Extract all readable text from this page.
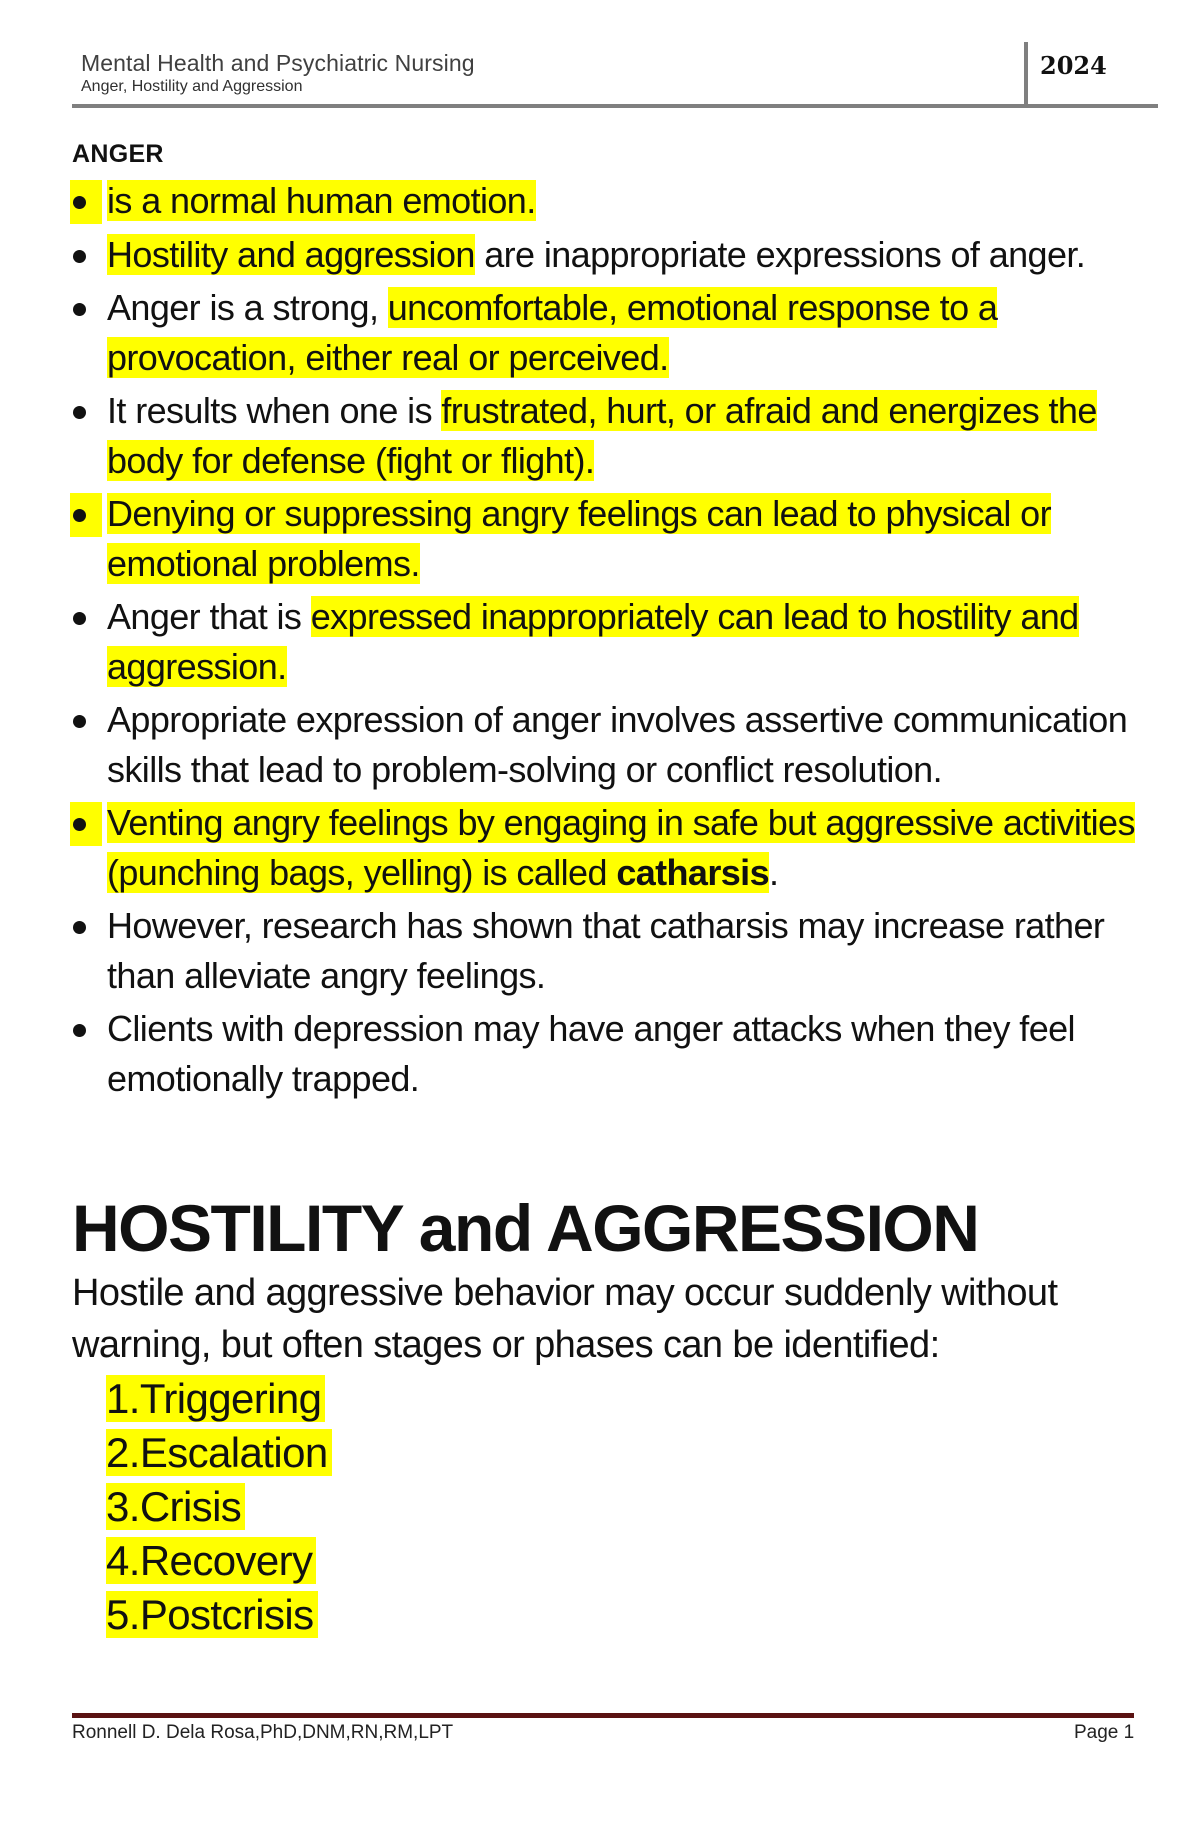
Mental Health and Psychiatric Nursing
Anger, Hostility and Aggression
2024
ANGER
is a normal human emotion.
Hostility and aggression are inappropriate expressions of anger.
Anger is a strong, uncomfortable, emotional response to a provocation, either real or perceived.
It results when one is frustrated, hurt, or afraid and energizes the body for defense (fight or flight).
Denying or suppressing angry feelings can lead to physical or emotional problems.
Anger that is expressed inappropriately can lead to hostility and aggression.
Appropriate expression of anger involves assertive communication skills that lead to problem-solving or conflict resolution.
Venting angry feelings by engaging in safe but aggressive activities (punching bags, yelling) is called catharsis.
However, research has shown that catharsis may increase rather than alleviate angry feelings.
Clients with depression may have anger attacks when they feel emotionally trapped.
HOSTILITY and AGGRESSION
Hostile and aggressive behavior may occur suddenly without warning, but often stages or phases can be identified:
1.Triggering
2.Escalation
3.Crisis
4.Recovery
5.Postcrisis
Ronnell D. Dela Rosa,PhD,DNM,RN,RM,LPT	Page 1
